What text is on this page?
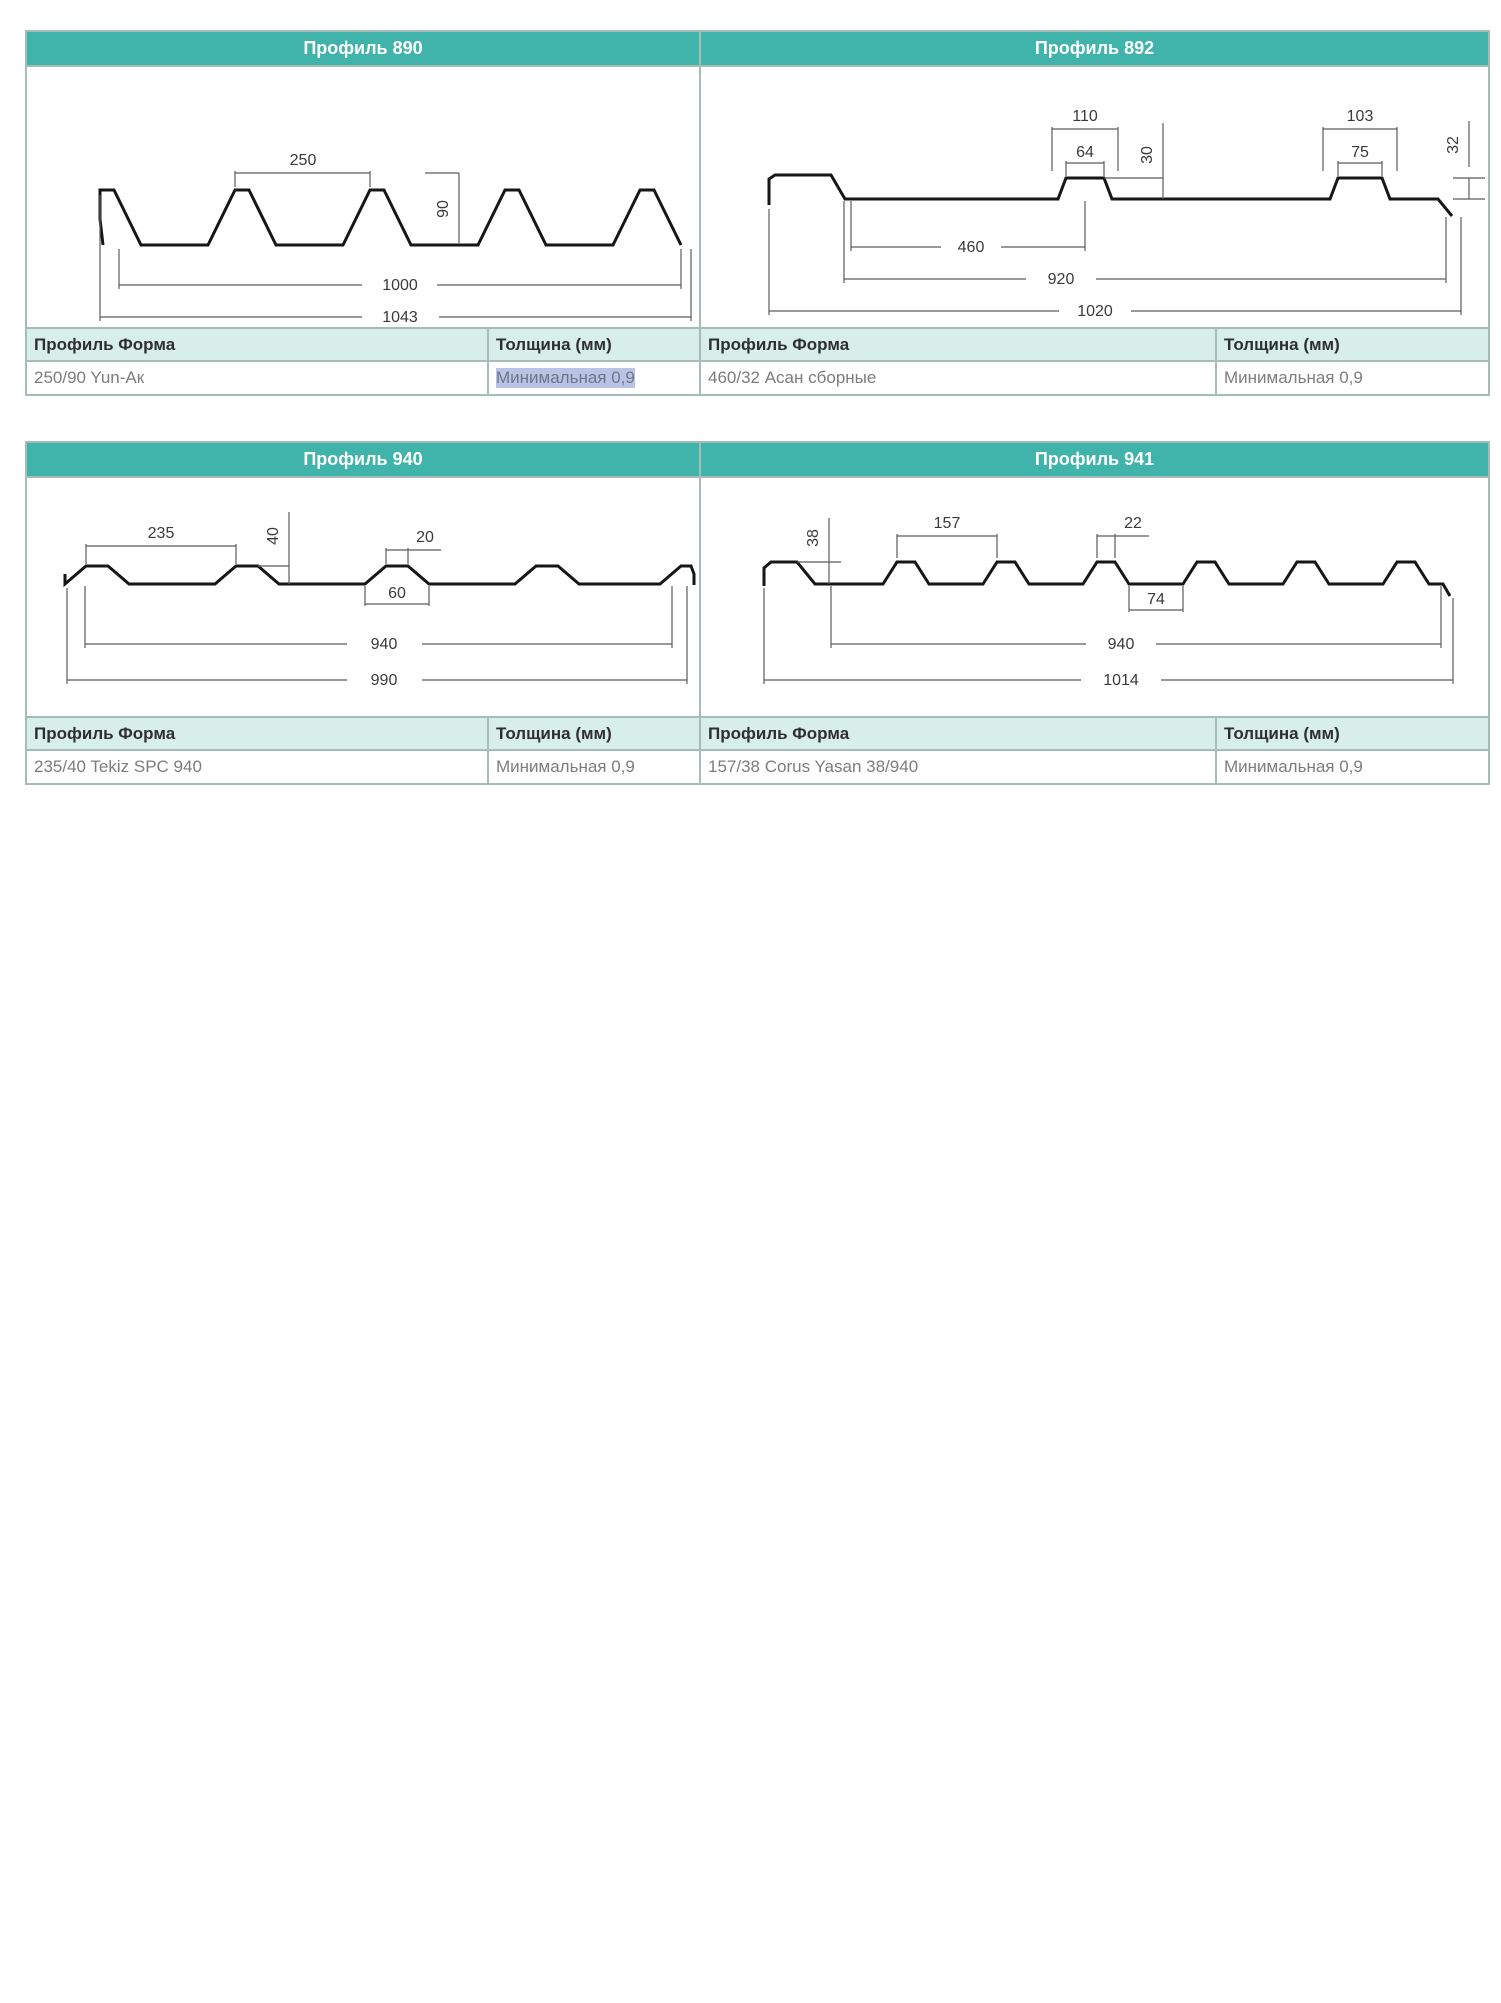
Профиль 890	Профиль 892
250
90
1000
1043
110
64	30
103
75	32
460
920
1020
Профиль Форма	Толщина (мм)	Профиль Форма	Толщина (мм)
250/90 Yun-Ак	Минимальная 0,9	460/32 Асан сборные	Минимальная 0,9
Профиль 940	Профиль 941
235	40	20
60
940
990
38
157	22
74
940
1014
Профиль Форма	Толщина (мм)	Профиль Форма	Толщина (мм)
235/40 Tekiz SPC 940	Минимальная 0,9	157/38 Corus Yasan 38/940	Минимальная 0,9
